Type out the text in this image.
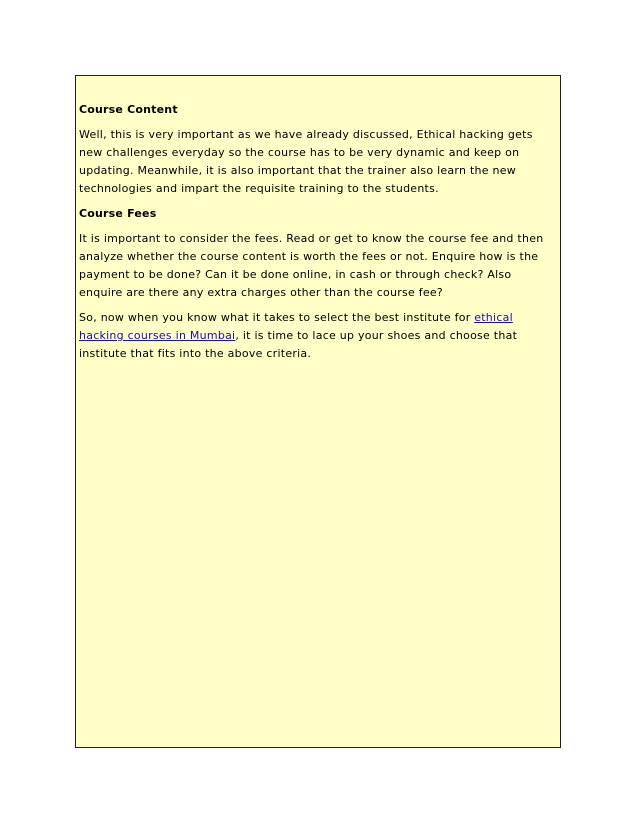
Course Content
Well, this is very important as we have already discussed, Ethical hacking gets new challenges everyday so the course has to be very dynamic and keep on updating. Meanwhile, it is also important that the trainer also learn the new technologies and impart the requisite training to the students.
Course Fees
It is important to consider the fees. Read or get to know the course fee and then analyze whether the course content is worth the fees or not. Enquire how is the payment to be done? Can it be done online, in cash or through check? Also enquire are there any extra charges other than the course fee?
So, now when you know what it takes to select the best institute for ethical hacking courses in Mumbai, it is time to lace up your shoes and choose that institute that fits into the above criteria.
